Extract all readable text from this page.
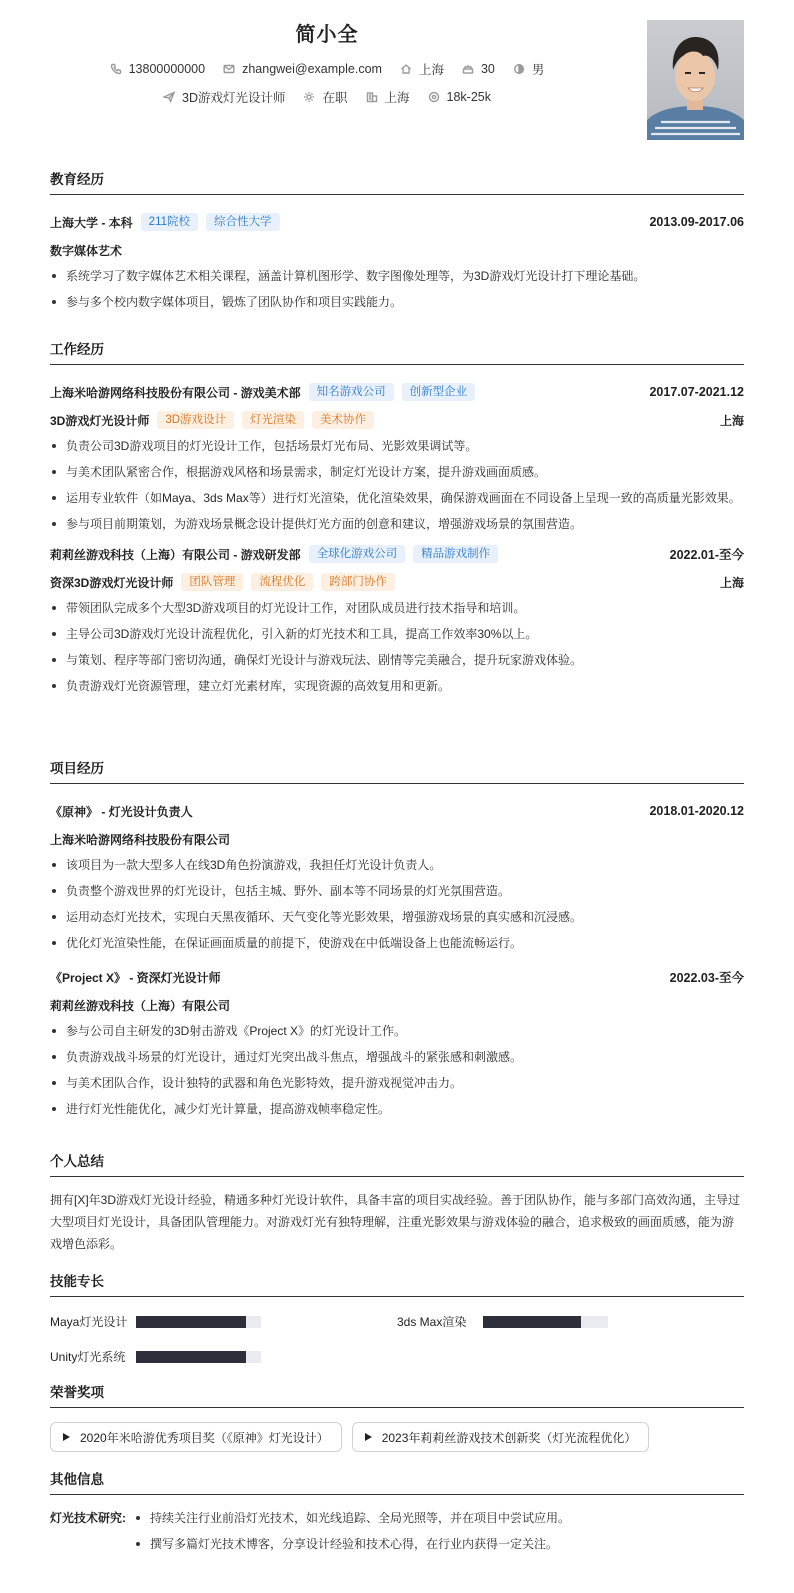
简小全
13800000000	zhangwei@example.com	上海	30	男
3D游戏灯光设计师	在职	上海	18k-25k
教育经历
上海大学 - 本科	211院校	综合性大学	2013.09-2017.06
数字媒体艺术
系统学习了数字媒体艺术相关课程，涵盖计算机图形学、数字图像处理等，为3D游戏灯光设计打下理论基础。
参与多个校内数字媒体项目，锻炼了团队协作和项目实践能力。
工作经历
上海米哈游网络科技股份有限公司 - 游戏美术部	知名游戏公司	创新型企业	2017.07-2021.12
3D游戏灯光设计师	3D游戏设计	灯光渲染	美术协作	上海
负责公司3D游戏项目的灯光设计工作，包括场景灯光布局、光影效果调试等。
与美术团队紧密合作，根据游戏风格和场景需求，制定灯光设计方案，提升游戏画面质感。
运用专业软件（如Maya、3ds Max等）进行灯光渲染，优化渲染效果，确保游戏画面在不同设备上呈现一致的高质量光影效果。
参与项目前期策划，为游戏场景概念设计提供灯光方面的创意和建议，增强游戏场景的氛围营造。
莉莉丝游戏科技（上海）有限公司 - 游戏研发部	全球化游戏公司	精品游戏制作	2022.01-至今
资深3D游戏灯光设计师	团队管理	流程优化	跨部门协作	上海
带领团队完成多个大型3D游戏项目的灯光设计工作，对团队成员进行技术指导和培训。
主导公司3D游戏灯光设计流程优化，引入新的灯光技术和工具，提高工作效率30%以上。
与策划、程序等部门密切沟通，确保灯光设计与游戏玩法、剧情等完美融合，提升玩家游戏体验。
负责游戏灯光资源管理，建立灯光素材库，实现资源的高效复用和更新。
项目经历
《原神》 - 灯光设计负责人	2018.01-2020.12
上海米哈游网络科技股份有限公司
该项目为一款大型多人在线3D角色扮演游戏，我担任灯光设计负责人。
负责整个游戏世界的灯光设计，包括主城、野外、副本等不同场景的灯光氛围营造。
运用动态灯光技术，实现白天黑夜循环、天气变化等光影效果，增强游戏场景的真实感和沉浸感。
优化灯光渲染性能，在保证画面质量的前提下，使游戏在中低端设备上也能流畅运行。
《Project X》 - 资深灯光设计师	2022.03-至今
莉莉丝游戏科技（上海）有限公司
参与公司自主研发的3D射击游戏《Project X》的灯光设计工作。
负责游戏战斗场景的灯光设计，通过灯光突出战斗焦点，增强战斗的紧张感和刺激感。
与美术团队合作，设计独特的武器和角色光影特效，提升游戏视觉冲击力。
进行灯光性能优化，减少灯光计算量，提高游戏帧率稳定性。
个人总结
拥有[X]年3D游戏灯光设计经验，精通多种灯光设计软件，具备丰富的项目实战经验。善于团队协作，能与多部门高效沟通，主导过大型项目灯光设计，具备团队管理能力。对游戏灯光有独特理解，注重光影效果与游戏体验的融合，追求极致的画面质感，能为游戏增色添彩。
技能专长
Maya灯光设计	3ds Max渲染
Unity灯光系统
荣誉奖项
2020年米哈游优秀项目奖（《原神》灯光设计）	2023年莉莉丝游戏技术创新奖（灯光流程优化）
其他信息
灯光技术研究:	持续关注行业前沿灯光技术，如光线追踪、全局光照等，并在项目中尝试应用。
撰写多篇灯光技术博客，分享设计经验和技术心得，在行业内获得一定关注。
